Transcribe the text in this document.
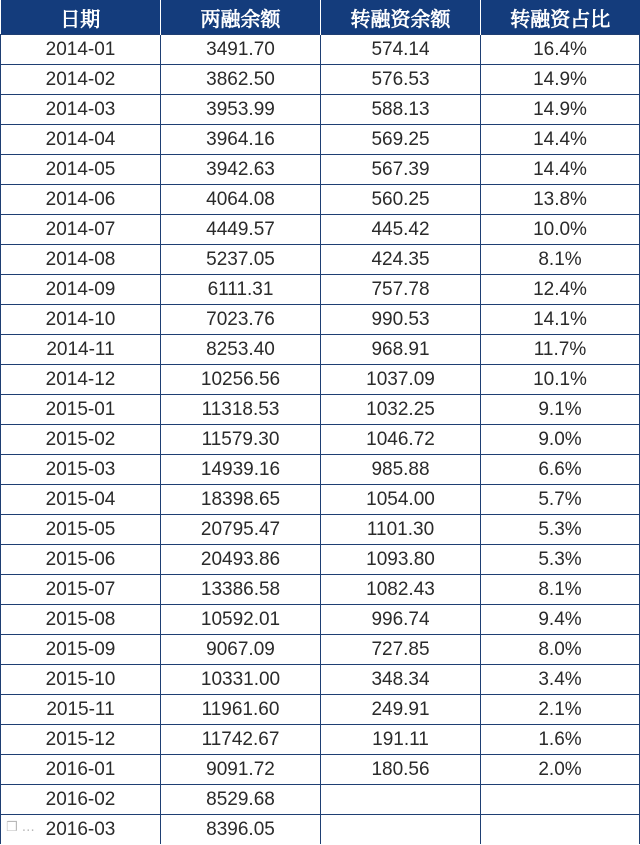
日期	两融余额	转融资余额	转融资占比
2014-01	3491.70	574.14	16.4%
2014-02	3862.50	576.53	14.9%
2014-03	3953.99	588.13	14.9%
2014-04	3964.16	569.25	14.4%
2014-05	3942.63	567.39	14.4%
2014-06	4064.08	560.25	13.8%
2014-07	4449.57	445.42	10.0%
2014-08	5237.05	424.35	8.1%
2014-09	6111.31	757.78	12.4%
2014-10	7023.76	990.53	14.1%
2014-11	8253.40	968.91	11.7%
2014-12	10256.56	1037.09	10.1%
2015-01	11318.53	1032.25	9.1%
2015-02	11579.30	1046.72	9.0%
2015-03	14939.16	985.88	6.6%
2015-04	18398.65	1054.00	5.7%
2015-05	20795.47	1101.30	5.3%
2015-06	20493.86	1093.80	5.3%
2015-07	13386.58	1082.43	8.1%
2015-08	10592.01	996.74	9.4%
2015-09	9067.09	727.85	8.0%
2015-10	10331.00	348.34	3.4%
2015-11	11961.60	249.91	2.1%
2015-12	11742.67	191.11	1.6%
2016-01	9091.72	180.56	2.0%
2016-02	8529.68		
2016-03	8396.05		
❒ …
